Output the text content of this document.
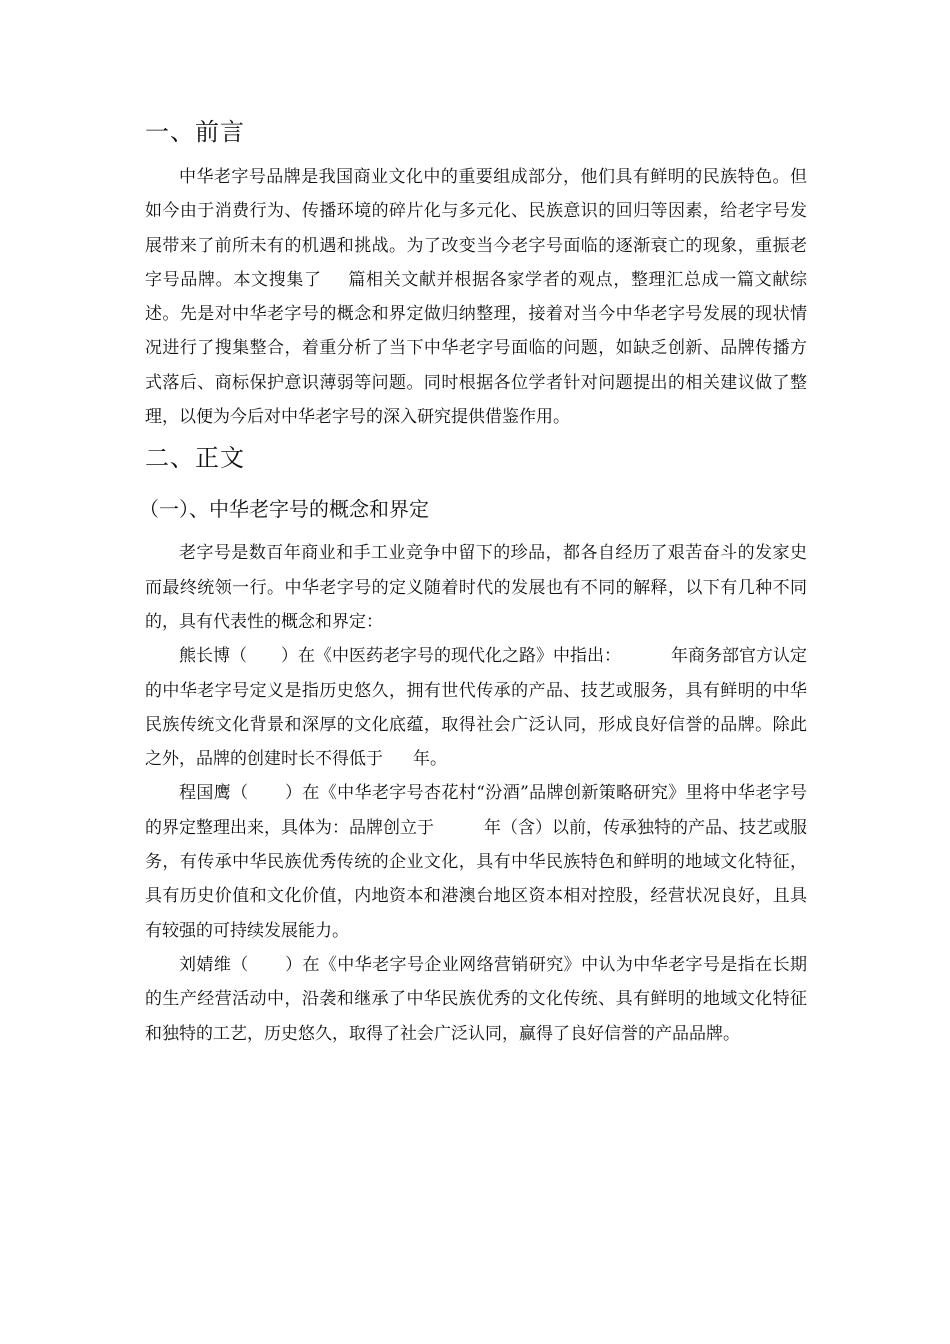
一、前言

中华老字号品牌是我国商业文化中的重要组成部分，他们具有鲜明的民族特色。但如今由于消费行为、传播环境的碎片化与多元化、民族意识的回归等因素，给老字号发展带来了前所未有的机遇和挑战。为了改变当今老字号面临的逐渐衰亡的现象，重振老字号品牌。本文搜集了 篇相关文献并根据各家学者的观点，整理汇总成一篇文献综述。先是对中华老字号的概念和界定做归纳整理，接着对当今中华老字号发展的现状情况进行了搜集整合，着重分析了当下中华老字号面临的问题，如缺乏创新、品牌传播方式落后、商标保护意识薄弱等问题。同时根据各位学者针对问题提出的相关建议做了整理，以便为今后对中华老字号的深入研究提供借鉴作用。

二、正文
（一）、中华老字号的概念和界定

老字号是数百年商业和手工业竞争中留下的珍品，都各自经历了艰苦奋斗的发家史而最终统领一行。中华老字号的定义随着时代的发展也有不同的解释，以下有几种不同的，具有代表性的概念和界定：

熊长博（ ）在《中医药老字号的现代化之路》中指出：	年商务部官方认定的中华老字号定义是指历史悠久，拥有世代传承的产品、技艺或服务，具有鲜明的中华民族传统文化背景和深厚的文化底蕴，取得社会广泛认同，形成良好信誉的品牌。除此之外，品牌的创建时长不得低于 年。

程国鹰（ ）在《中华老字号杏花村“汾酒”品牌创新策略研究》里将中华老字号的界定整理出来，具体为：品牌创立于	年（含）以前，传承独特的产品、技艺或服务，有传承中华民族优秀传统的企业文化，具有中华民族特色和鲜明的地域文化特征，具有历史价值和文化价值，内地资本和港澳台地区资本相对控股，经营状况良好，且具有较强的可持续发展能力。

刘婧维（ ）在《中华老字号企业网络营销研究》中认为中华老字号是指在长期的生产经营活动中，沿袭和继承了中华民族优秀的文化传统、具有鲜明的地域文化特征和独特的工艺，历史悠久，取得了社会广泛认同，赢得了良好信誉的产品品牌。
